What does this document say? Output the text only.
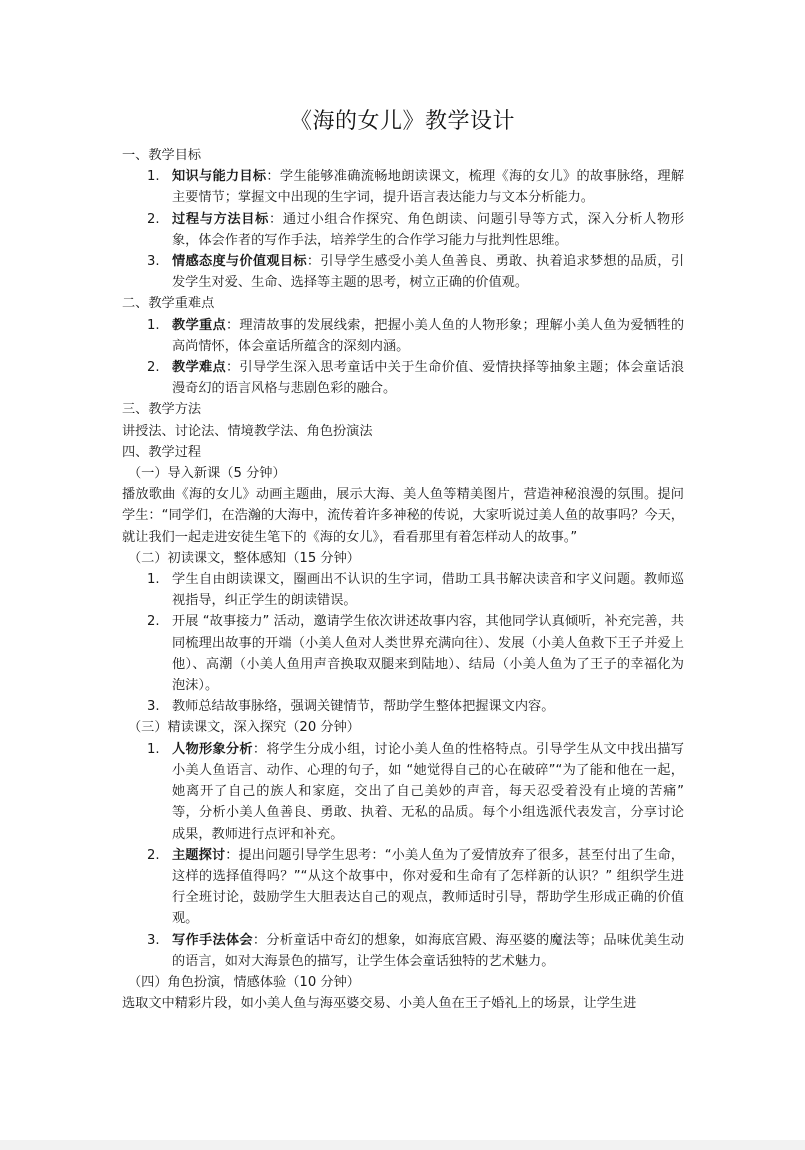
《海的女儿》教学设计

一、教学目标

1. 知识与能力目标：学生能够准确流畅地朗读课文，梳理《海的女儿》的故事脉络，理解主要情节；掌握文中出现的生字词，提升语言表达能力与文本分析能力。
2. 过程与方法目标：通过小组合作探究、角色朗读、问题引导等方式，深入分析人物形象，体会作者的写作手法，培养学生的合作学习能力与批判性思维。
3. 情感态度与价值观目标：引导学生感受小美人鱼善良、勇敢、执着追求梦想的品质，引发学生对爱、生命、选择等主题的思考，树立正确的价值观。

二、教学重难点

1. 教学重点：理清故事的发展线索，把握小美人鱼的人物形象；理解小美人鱼为爱牺牲的高尚情怀，体会童话所蕴含的深刻内涵。
2. 教学难点：引导学生深入思考童话中关于生命价值、爱情抉择等抽象主题；体会童话浪漫奇幻的语言风格与悲剧色彩的融合。

三、教学方法

讲授法、讨论法、情境教学法、角色扮演法

四、教学过程

（一）导入新课（5 分钟）

播放歌曲《海的女儿》动画主题曲，展示大海、美人鱼等精美图片，营造神秘浪漫的氛围。提问学生：“同学们，在浩瀚的大海中，流传着许多神秘的传说，大家听说过美人鱼的故事吗？今天，就让我们一起走进安徒生笔下的《海的女儿》，看看那里有着怎样动人的故事。”

（二）初读课文，整体感知（15 分钟）

1. 学生自由朗读课文，圈画出不认识的生字词，借助工具书解决读音和字义问题。教师巡视指导，纠正学生的朗读错误。
2. 开展 “故事接力” 活动，邀请学生依次讲述故事内容，其他同学认真倾听，补充完善，共同梳理出故事的开端（小美人鱼对人类世界充满向往）、发展（小美人鱼救下王子并爱上他）、高潮（小美人鱼用声音换取双腿来到陆地）、结局（小美人鱼为了王子的幸福化为泡沫）。
3. 教师总结故事脉络，强调关键情节，帮助学生整体把握课文内容。

（三）精读课文，深入探究（20 分钟）

1. 人物形象分析：将学生分成小组，讨论小美人鱼的性格特点。引导学生从文中找出描写小美人鱼语言、动作、心理的句子，如 “她觉得自己的心在破碎”“为了能和他在一起，她离开了自己的族人和家庭，交出了自己美妙的声音，每天忍受着没有止境的苦痛” 等，分析小美人鱼善良、勇敢、执着、无私的品质。每个小组选派代表发言，分享讨论成果，教师进行点评和补充。
2. 主题探讨：提出问题引导学生思考：“小美人鱼为了爱情放弃了很多，甚至付出了生命，这样的选择值得吗？”“从这个故事中，你对爱和生命有了怎样新的认识？” 组织学生进行全班讨论，鼓励学生大胆表达自己的观点，教师适时引导，帮助学生形成正确的价值观。
3. 写作手法体会：分析童话中奇幻的想象，如海底宫殿、海巫婆的魔法等；品味优美生动的语言，如对大海景色的描写，让学生体会童话独特的艺术魅力。

（四）角色扮演，情感体验（10 分钟）

选取文中精彩片段，如小美人鱼与海巫婆交易、小美人鱼在王子婚礼上的场景，让学生进
